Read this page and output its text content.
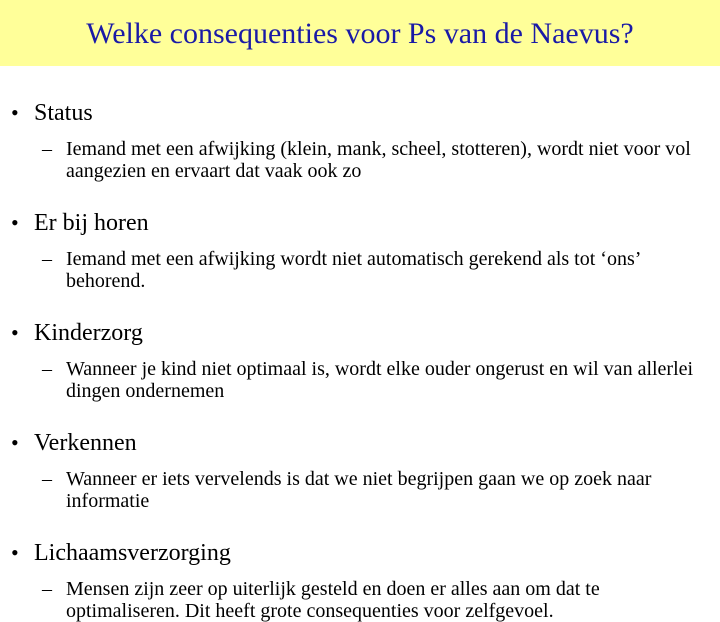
Welke consequenties voor Ps van de Naevus?
• Status
– Iemand met een afwijking (klein, mank, scheel, stotteren), wordt niet voor vol aangezien en ervaart dat vaak ook zo
• Er bij horen
– Iemand met een afwijking wordt niet automatisch gerekend als tot ‘ons’ behorend.
• Kinderzorg
– Wanneer je kind niet optimaal is, wordt elke ouder ongerust en wil van allerlei dingen ondernemen
• Verkennen
– Wanneer er iets vervelends is dat we niet begrijpen gaan we op zoek naar informatie
• Lichaamsverzorging
– Mensen zijn zeer op uiterlijk gesteld en doen er alles aan om dat te optimaliseren. Dit heeft grote consequenties voor zelfgevoel.
